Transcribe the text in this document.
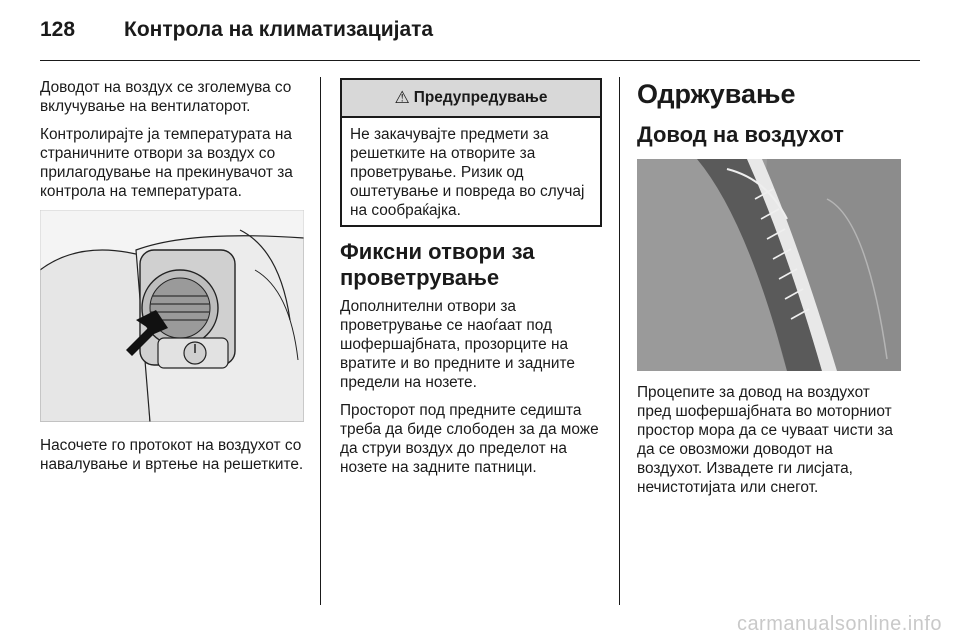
128 Контрола на климатизацијата

Доводот на воздух се зголемува со вклучување на вентилаторот.

Контролирајте ја температурата на страничните отвори за воздух со прилагодување на прекинувачот за контрола на температурата.

Насочете го протокот на воздухот со навалување и вртење на решетките.

⚠ Предупредување

Не закачувајте предмети за решетките на отворите за проветрување. Ризик од оштетување и повреда во случај на сообраќајка.

Фиксни отвори за проветрување

Дополнителни отвори за проветрување се наоѓаат под шофершајбната, прозорците на вратите и во предните и задните предели на нозете.

Просторот под предните седишта треба да биде слободен за да може да струи воздух до пределот на нозете на задните патници.

Одржување
Довод на воздухот

Процепите за довод на воздухот пред шофершајбната во моторниот простор мора да се чуваат чисти за да се овозможи доводот на воздухот. Извадете ги лисјата, нечистотијата или снегот.

carmanualsonline.info
